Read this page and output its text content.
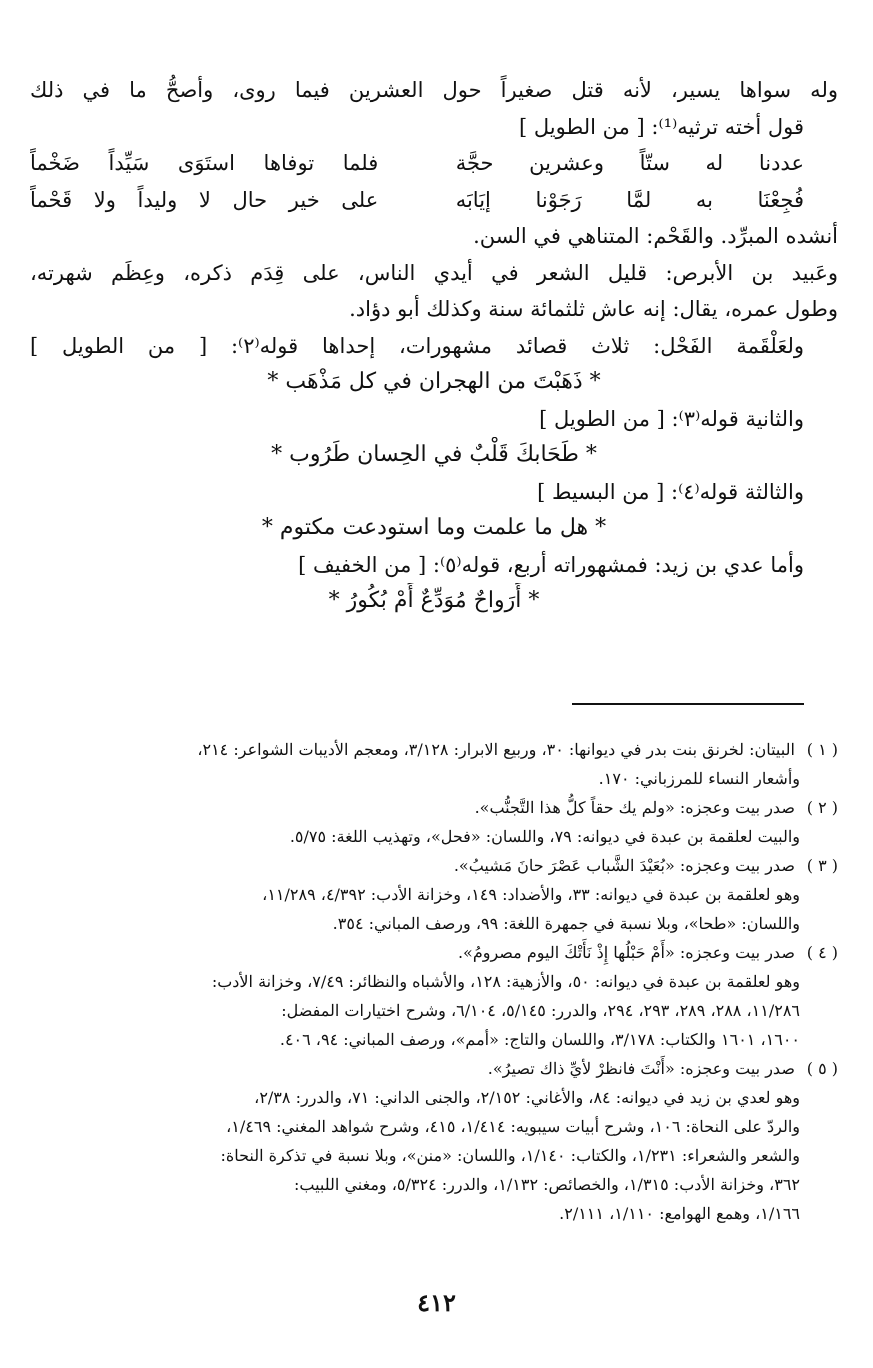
وله سواها يسير، لأنه قتل صغيراً حول العشرين فيما روى، وأصحُّ ما في ذلك
قول أخته ترثيه⁽¹⁾: [ من الطويل ]
عددنا له ستّاً وعشرين حجَّة
فلما توفاها استَوَى سَيِّداً ضَخْماً
فُجِعْنَا به لمَّا رَجَوْنا إيَابَه
على خير حال لا وليداً ولا قَحْماً
أنشده المبرِّد. والقَحْم: المتناهي في السن.
وعَبيد بن الأبرص: قليل الشعر في أيدي الناس، على قِدَم ذكره، وعِظَم شهرته،
وطول عمره، يقال: إنه عاش ثلثمائة سنة وكذلك أبو دؤاد.
ولعَلْقَمة الفَحْل: ثلاث قصائد مشهورات، إحداها قوله⁽٢⁾: [ من الطويل ]
* ذَهَبْتَ من الهجران في كل مَذْهَب *
والثانية قوله⁽٣⁾: [ من الطويل ]
* طَحَابكَ قَلْبٌ في الحِسان طَرُوب *
والثالثة قوله⁽٤⁾: [ من البسيط ]
* هل ما علمت وما استودعت مكتوم *
وأما عدي بن زيد: فمشهوراته أربع، قوله⁽٥⁾: [ من الخفيف ]
* أَرَواحٌ مُوَدِّعٌ أَمْ بُكُورُ *
( ١ ) البيتان: لخرنق بنت بدر في ديوانها: ٣٠، وربيع الابرار: ٣/١٢٨، ومعجم الأديبات الشواعر: ٢١٤،
وأشعار النساء للمرزباني: ١٧٠.
( ٢ ) صدر بيت وعجزه: «ولم يك حقاً كلُّ هذا التَّجنُّب».
والبيت لعلقمة بن عبدة في ديوانه: ٧٩، واللسان: «فحل»، وتهذيب اللغة: ٥/٧٥.
( ٣ ) صدر بيت وعجزه: «بُعَيْدَ الشَّباب عَصْرَ حانَ مَشيبُ».
وهو لعلقمة بن عبدة في ديوانه: ٣٣، والأضداد: ١٤٩، وخزانة الأدب: ٤/٣٩٢، ١١/٢٨٩،
واللسان: «طحا»، وبلا نسبة في جمهرة اللغة: ٩٩، ورصف المباني: ٣٥٤.
( ٤ ) صدر بيت وعجزه: «أَمْ حَبْلُها إِذْ نَأَتْكَ اليوم مصرومُ».
وهو لعلقمة بن عبدة في ديوانه: ٥٠، والأزهية: ١٢٨، والأشباه والنظائر: ٧/٤٩، وخزانة الأدب:
١١/٢٨٦، ٢٨٨، ٢٨٩، ٢٩٣، ٢٩٤، والدرر: ٥/١٤٥، ٦/١٠٤، وشرح اختيارات المفضل:
١٦٠٠، ١٦٠١ والكتاب: ٣/١٧٨، واللسان والتاج: «أمم»، ورصف المباني: ٩٤، ٤٠٦.
( ٥ ) صدر بيت وعجزه: «أَنْتَ فانظرْ لأيِّ ذاك تصيرُ».
وهو لعدي بن زيد في ديوانه: ٨٤، والأغاني: ٢/١٥٢، والجنى الداني: ٧١، والدرر: ٢/٣٨،
والردّ على النحاة: ١٠٦، وشرح أبيات سيبويه: ١/٤١٤، ٤١٥، وشرح شواهد المغني: ١/٤٦٩،
والشعر والشعراء: ١/٢٣١، والكتاب: ١/١٤٠، واللسان: «منن»، وبلا نسبة في تذكرة النحاة:
٣٦٢، وخزانة الأدب: ١/٣١٥، والخصائص: ١/١٣٢، والدرر: ٥/٣٢٤، ومغني اللبيب:
١/١٦٦، وهمع الهوامع: ١/١١٠، ٢/١١١.
٤١٢
